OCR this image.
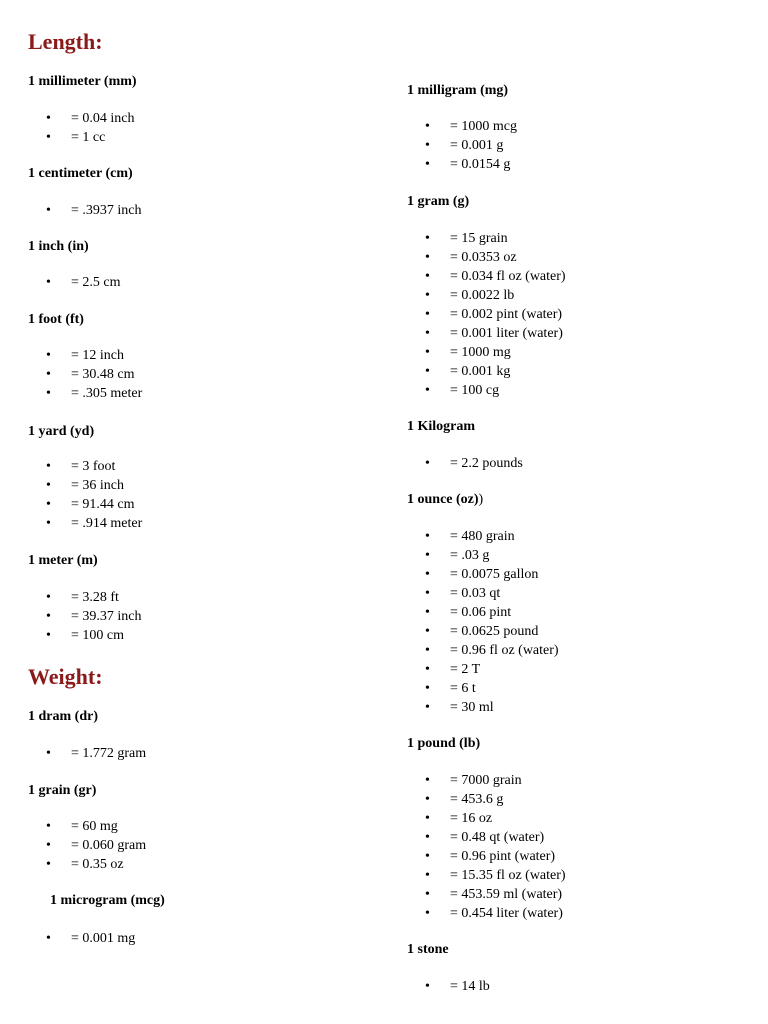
Length:
1 millimeter (mm)
• = 0.04 inch
• = 1 cc
1 centimeter (cm)
• = .3937 inch
1 inch (in)
• = 2.5 cm
1 foot (ft)
• = 12 inch
• = 30.48 cm
• = .305 meter
1 yard (yd)
• = 3 foot
• = 36 inch
• = 91.44 cm
• = .914 meter
1 meter (m)
• = 3.28 ft
• = 39.37 inch
• = 100 cm
Weight:
1 dram (dr)
• = 1.772 gram
1 grain (gr)
• = 60 mg
• = 0.060 gram
• = 0.35 oz
1 microgram (mcg)
• = 0.001 mg
1 milligram (mg)
• = 1000 mcg
• = 0.001 g
• = 0.0154 g
1 gram (g)
• = 15 grain
• = 0.0353 oz
• = 0.034 fl oz (water)
• = 0.0022 lb
• = 0.002 pint (water)
• = 0.001 liter (water)
• = 1000 mg
• = 0.001 kg
• = 100 cg
1 Kilogram
• = 2.2 pounds
1 ounce (oz))
• = 480 grain
• = .03 g
• = 0.0075 gallon
• = 0.03 qt
• = 0.06 pint
• = 0.0625 pound
• = 0.96 fl oz (water)
• = 2 T
• = 6 t
• = 30 ml
1 pound (lb)
• = 7000 grain
• = 453.6 g
• = 16 oz
• = 0.48 qt (water)
• = 0.96 pint (water)
• = 15.35 fl oz (water)
• = 453.59 ml (water)
• = 0.454 liter (water)
1 stone
• = 14 lb
